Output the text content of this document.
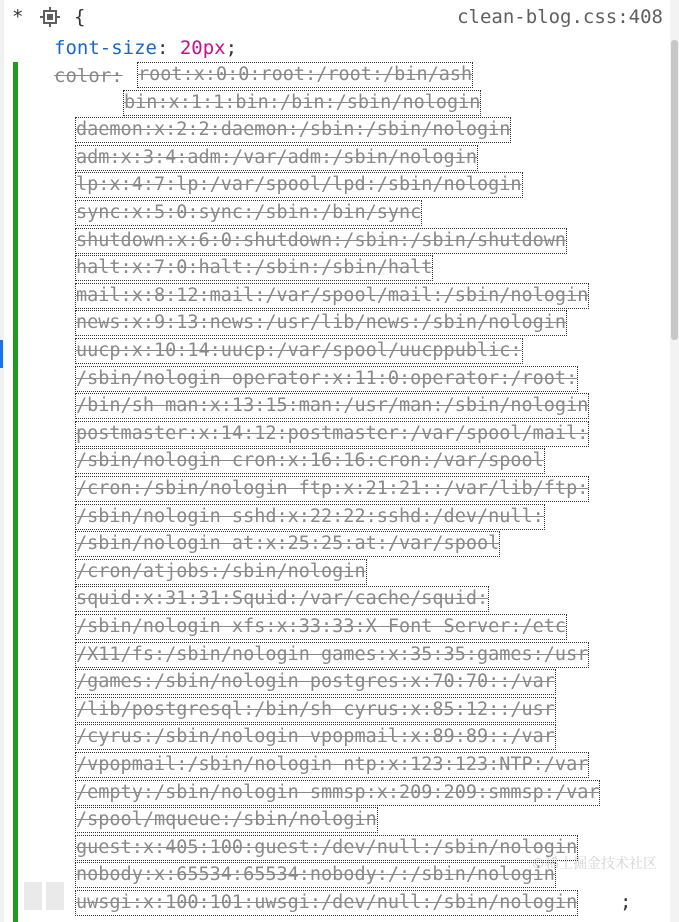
*	{	clean-blog.css:408
font-size: 20px;
color: root:x:0:0:root:/root:/bin/ash
bin:x:1:1:bin:/bin:/sbin/nologin
daemon:x:2:2:daemon:/sbin:/sbin/nologin
adm:x:3:4:adm:/var/adm:/sbin/nologin
lp:x:4:7:lp:/var/spool/lpd:/sbin/nologin
sync:x:5:0:sync:/sbin:/bin/sync
shutdown:x:6:0:shutdown:/sbin:/sbin/shutdown
halt:x:7:0:halt:/sbin:/sbin/halt
mail:x:8:12:mail:/var/spool/mail:/sbin/nologin
news:x:9:13:news:/usr/lib/news:/sbin/nologin
uucp:x:10:14:uucp:/var/spool/uucppublic:
/sbin/nologin operator:x:11:0:operator:/root:
/bin/sh man:x:13:15:man:/usr/man:/sbin/nologin
postmaster:x:14:12:postmaster:/var/spool/mail:
/sbin/nologin cron:x:16:16:cron:/var/spool
/cron:/sbin/nologin ftp:x:21:21::/var/lib/ftp:
/sbin/nologin sshd:x:22:22:sshd:/dev/null:
/sbin/nologin at:x:25:25:at:/var/spool
/cron/atjobs:/sbin/nologin
squid:x:31:31:Squid:/var/cache/squid:
/sbin/nologin xfs:x:33:33:X Font Server:/etc
/X11/fs:/sbin/nologin games:x:35:35:games:/usr
/games:/sbin/nologin postgres:x:70:70::/var
/lib/postgresql:/bin/sh cyrus:x:85:12::/usr
/cyrus:/sbin/nologin vpopmail:x:89:89::/var
/vpopmail:/sbin/nologin ntp:x:123:123:NTP:/var
/empty:/sbin/nologin smmsp:x:209:209:smmsp:/var
/spool/mqueue:/sbin/nologin
guest:x:405:100:guest:/dev/null:/sbin/nologin
nobody:x:65534:65534:nobody:/:/sbin/nologin
uwsgi:x:100:101:uwsgi:/dev/null:/sbin/nologin ;
©稀土掘金技术社区
